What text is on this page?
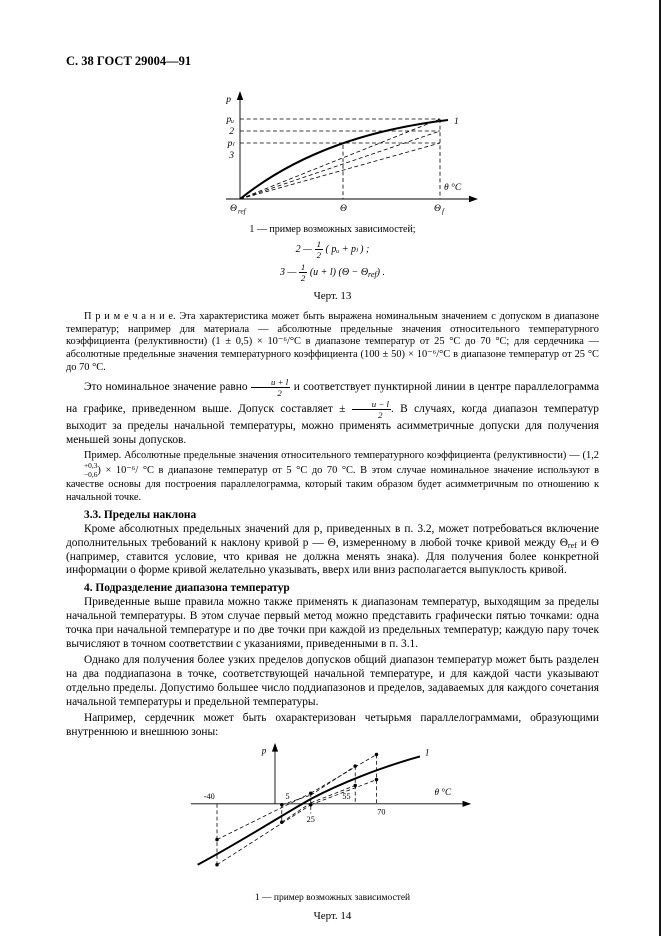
С. 38 ГОСТ 29004—91
p
θ °C
pᵤ
2
pₗ
3
1
Θ ref	Θ	Θ f
1 — пример возможных зависимостей;
2 — $\frac{1}{2}$ ( pᵤ + pₗ ) ;
3 — $\frac{1}{2} (u + l) (\Theta - \Theta_{ref})$ .
Черт. 13

П р и м е ч а н и е. Эта характеристика может быть выражена номинальным значением с допуском в диапазоне температур; например для материала — абсолютные предельные значения относительного температурного коэффициента (релуктивности) (1 ± 0,5) × 10⁻⁶/°С в диапазоне температур от 25 °С до 70 °С; для сердечника — абсолютные предельные значения температурного коэффициента (100 ± 50) × 10⁻⁶/°С в диапазоне температур от 25 °С до 70 °С.

Это номинальное значение равно $\frac{u + l}{2}$ и соответствует пунктирной линии в центре параллелограмма на графике, приведенном выше. Допуск составляет ± $\frac{u - l}{2}$ . В случаях, когда диапазон температур выходит за пределы начальной температуры, можно применять асимметричные допуски для получения меньшей зоны допусков.

Пример. Абсолютные предельные значения относительного температурного коэффициента (релуктивности) — (1,2
+0,3
−0,6 ) × 10⁻⁶/ °С в диапазоне температур от 5 °С до 70 °С. В этом случае номинальное значение используют в качестве основы для построения параллелограмма, который таким образом будет асимметричным по отношению к начальной точке.

3.3. Пределы наклона

Кроме абсолютных предельных значений для p, приведенных в п. 3.2, может потребоваться включение дополнительных требований к наклону кривой p — Θ, измеренному в любой точке кривой между Θref и Θ (например, ставится условие, что кривая не должна менять знака). Для получения более конкретной информации о форме кривой желательно указывать, вверх или вниз располагается выпуклость кривой.

4. Подразделение диапазона температур

Приведенные выше правила можно также применять к диапазонам температур, выходящим за пределы начальной температуры. В этом случае первый метод можно представить графически пятью точками: одна точка при начальной температуре и по две точки при каждой из предельных температур; каждую пару точек вычисляют в точном соответствии с указаниями, приведенными в п. 3.1.

Однако для получения более узких пределов допусков общий диапазон температур может быть разделен на два поддиапазона в точке, соответствующей начальной температуре, и для каждой части указывают отдельно пределы. Допустимо большее число поддиапазонов и пределов, задаваемых для каждого сочетания начальной температуры и предельной температуры.

Например, сердечник может быть охарактеризован четырьмя параллелограммами, образующими внутреннюю и внешнюю зоны:

θ °C
p	1
-40	5
25
55
70
1 — пример возможных зависимостей
Черт. 14
